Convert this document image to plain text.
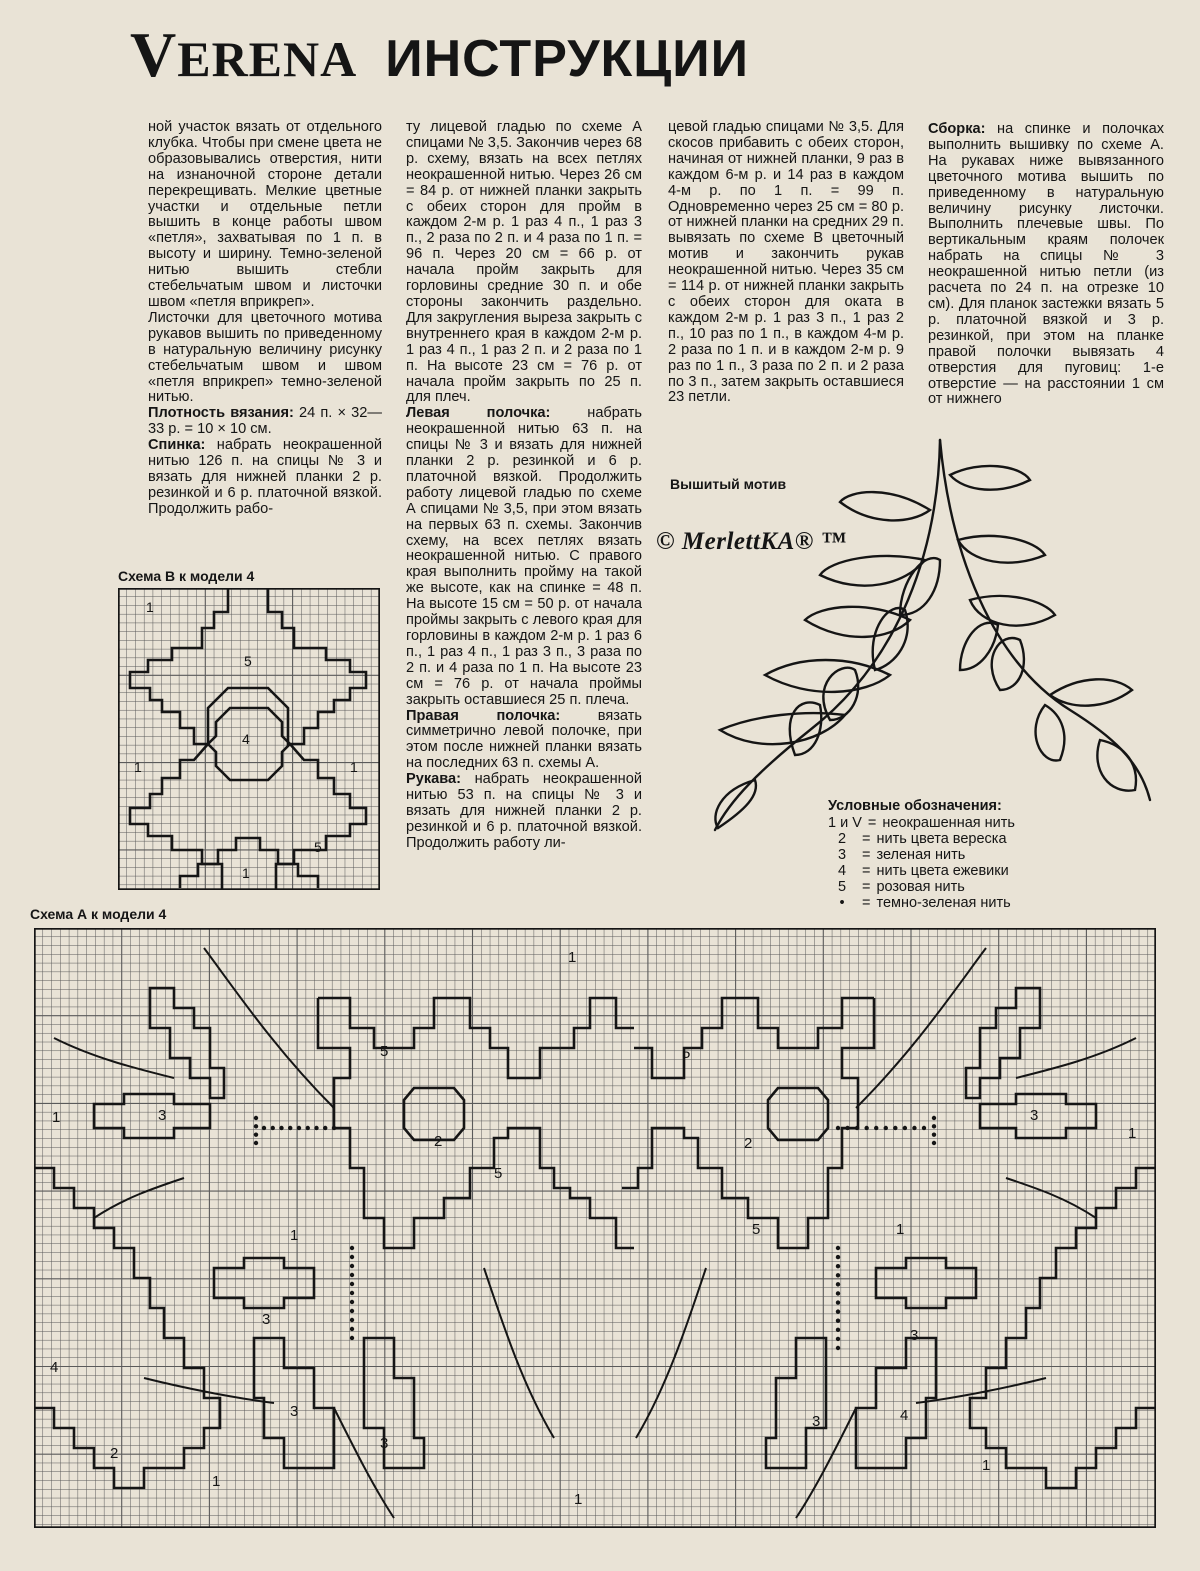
VERENA ИНСТРУКЦИИ

ной участок вязать от отдельного клубка. Чтобы при смене цвета не образовывались отверстия, нити на изнаночной стороне детали перекрещивать. Мелкие цветные участки и отдельные петли вышить в конце работы швом «петля», захватывая по 1 п. в высоту и ширину. Темно-зеленой нитью вышить стебли стебельчатым швом и листочки швом «петля вприкреп».

Листочки для цветочного мотива рукавов вышить по приведенному в натуральную величину рисунку стебельчатым швом и швом «петля вприкреп» темно-зеленой нитью.

Плотность вязания: 24 п. × 32—33 р. = 10 × 10 см.

Спинка: набрать неокрашенной нитью 126 п. на спицы № 3 и вязать для нижней планки 2 р. резинкой и 6 р. платочной вязкой. Продолжить рабо-

ту лицевой гладью по схеме А спицами № 3,5. Закончив через 68 р. схему, вязать на всех петлях неокрашенной нитью. Через 26 см = 84 р. от нижней планки закрыть с обеих сторон для пройм в каждом 2-м р. 1 раз 4 п., 1 раз 3 п., 2 раза по 2 п. и 4 раза по 1 п. = 96 п. Через 20 см = 66 р. от начала пройм закрыть для горловины средние 30 п. и обе стороны закончить раздельно. Для закругления выреза закрыть с внутреннего края в каждом 2-м р. 1 раз 4 п., 1 раз 2 п. и 2 раза по 1 п. На высоте 23 см = 76 р. от начала пройм закрыть по 25 п. для плеч.

Левая полочка: набрать неокрашенной нитью 63 п. на спицы № 3 и вязать для нижней планки 2 р. резинкой и 6 р. платочной вязкой. Продолжить работу лицевой гладью по схеме А спицами № 3,5, при этом вязать на первых 63 п. схемы. Закончив схему, на всех петлях вязать неокрашенной нитью. С правого края выполнить пройму на такой же высоте, как на спинке = 48 п. На высоте 15 см = 50 р. от начала проймы закрыть с левого края для горловины в каждом 2-м р. 1 раз 6 п., 1 раз 4 п., 1 раз 3 п., 3 раза по 2 п. и 4 раза по 1 п. На высоте 23 см = 76 р. от начала проймы закрыть оставшиеся 25 п. плеча.

Правая полочка: вязать симметрично левой полочке, при этом после нижней планки вязать на последних 63 п. схемы А.

Рукава: набрать неокрашенной нитью 53 п. на спицы № 3 и вязать для нижней планки 2 р. резинкой и 6 р. платочной вязкой. Продолжить работу ли-

цевой гладью спицами № 3,5. Для скосов прибавить с обеих сторон, начиная от нижней планки, 9 раз в каждом 6-м р. и 14 раз в каждом 4-м р. по 1 п. = 99 п. Одновременно через 25 см = 80 р. от нижней планки на средних 29 п. вывязать по схеме В цветочный мотив и закончить рукав неокрашенной нитью. Через 35 см = 114 р. от нижней планки закрыть с обеих сторон для оката в каждом 2-м р. 1 раз 3 п., 1 раз 2 п., 10 раз по 1 п., в каждом 4-м р. 2 раза по 1 п. и в каждом 2-м р. 9 раз по 1 п., 3 раза по 2 п. и 2 раза по 3 п., затем закрыть оставшиеся 23 петли.

Сборка: на спинке и полочках выполнить вышивку по схеме А. На рукавах ниже вывязанного цветочного мотива вышить по приведенному в натуральную величину рисунку листочки. Выполнить плечевые швы. По вертикальным краям полочек набрать на спицы № 3 неокрашенной нитью петли (из расчета по 24 п. на отрезке 10 см). Для планок застежки вязать 5 р. платочной вязкой и 3 р. резинкой, при этом на планке правой полочки вывязать 4 отверстия для пуговиц: 1-е отверстие — на расстоянии 1 см от нижнего

Вышитый мотив
Схема В к модели 4
Схема А к модели 4
© MerlettKA® ™
1
5
4
1	1
5
1
1
1
1
1	1
1
1
1
5	5
5
5
2	2
2
3	3
3
3
3
3
3	4
4
Условные обозначения:
1 и V = неокрашенная нить
2	= нить цвета вереска
3	= зеленая нить
4	= нить цвета ежевики
5	= розовая нить
•	= темно-зеленая нить
